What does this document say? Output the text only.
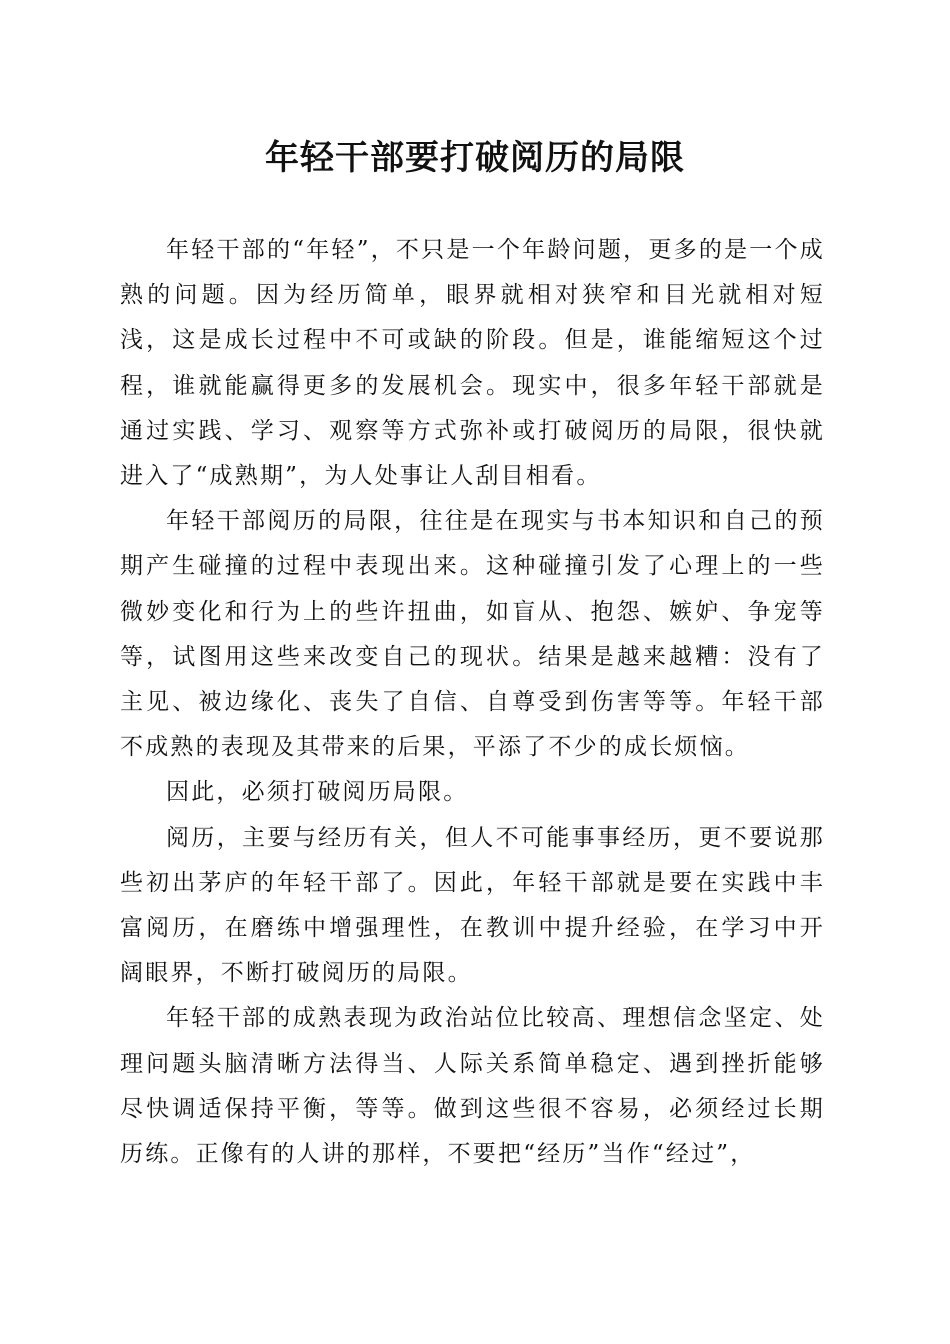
年轻干部要打破阅历的局限

年轻干部的“年轻”，不只是一个年龄问题，更多的是一个成熟的问题。因为经历简单，眼界就相对狭窄和目光就相对短浅，这是成长过程中不可或缺的阶段。但是，谁能缩短这个过程，谁就能赢得更多的发展机会。现实中，很多年轻干部就是通过实践、学习、观察等方式弥补或打破阅历的局限，很快就进入了“成熟期”，为人处事让人刮目相看。

年轻干部阅历的局限，往往是在现实与书本知识和自己的预期产生碰撞的过程中表现出来。这种碰撞引发了心理上的一些微妙变化和行为上的些许扭曲，如盲从、抱怨、嫉妒、争宠等等，试图用这些来改变自己的现状。结果是越来越糟：没有了主见、被边缘化、丧失了自信、自尊受到伤害等等。年轻干部不成熟的表现及其带来的后果，平添了不少的成长烦恼。

因此，必须打破阅历局限。

阅历，主要与经历有关，但人不可能事事经历，更不要说那些初出茅庐的年轻干部了。因此，年轻干部就是要在实践中丰富阅历，在磨练中增强理性，在教训中提升经验，在学习中开阔眼界，不断打破阅历的局限。

年轻干部的成熟表现为政治站位比较高、理想信念坚定、处理问题头脑清晰方法得当、人际关系简单稳定、遇到挫折能够尽快调适保持平衡，等等。做到这些很不容易，必须经过长期历练。正像有的人讲的那样，不要把“经历”当作“经过”，
